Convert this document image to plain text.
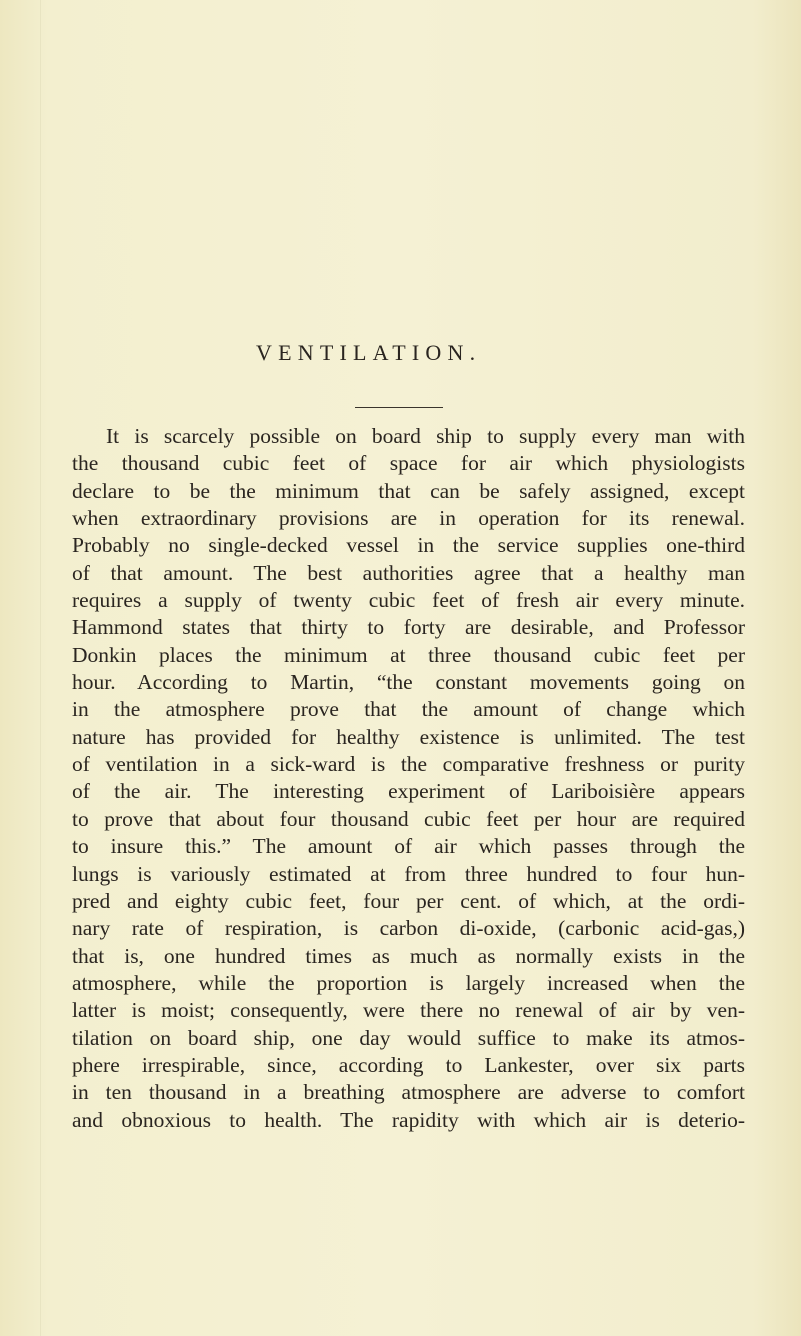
VENTILATION.
It is scarcely possible on board ship to supply every man with
the thousand cubic feet of space for air which physiologists
declare to be the minimum that can be safely assigned, except
when extraordinary provisions are in operation for its renewal.
Probably no single-decked vessel in the service supplies one-third
of that amount. The best authorities agree that a healthy man
requires a supply of twenty cubic feet of fresh air every minute.
Hammond states that thirty to forty are desirable, and Professor
Donkin places the minimum at three thousand cubic feet per
hour. According to Martin, “the constant movements going on
in the atmosphere prove that the amount of change which
nature has provided for healthy existence is unlimited. The test
of ventilation in a sick-ward is the comparative freshness or purity
of the air. The interesting experiment of Lariboisière appears
to prove that about four thousand cubic feet per hour are required
to insure this.” The amount of air which passes through the
lungs is variously estimated at from three hundred to four hun-
pred and eighty cubic feet, four per cent. of which, at the ordi-
nary rate of respiration, is carbon di-oxide, (carbonic acid-gas,)
that is, one hundred times as much as normally exists in the
atmosphere, while the proportion is largely increased when the
latter is moist; consequently, were there no renewal of air by ven-
tilation on board ship, one day would suffice to make its atmos-
phere irrespirable, since, according to Lankester, over six parts
in ten thousand in a breathing atmosphere are adverse to comfort
and obnoxious to health. The rapidity with which air is deterio-
